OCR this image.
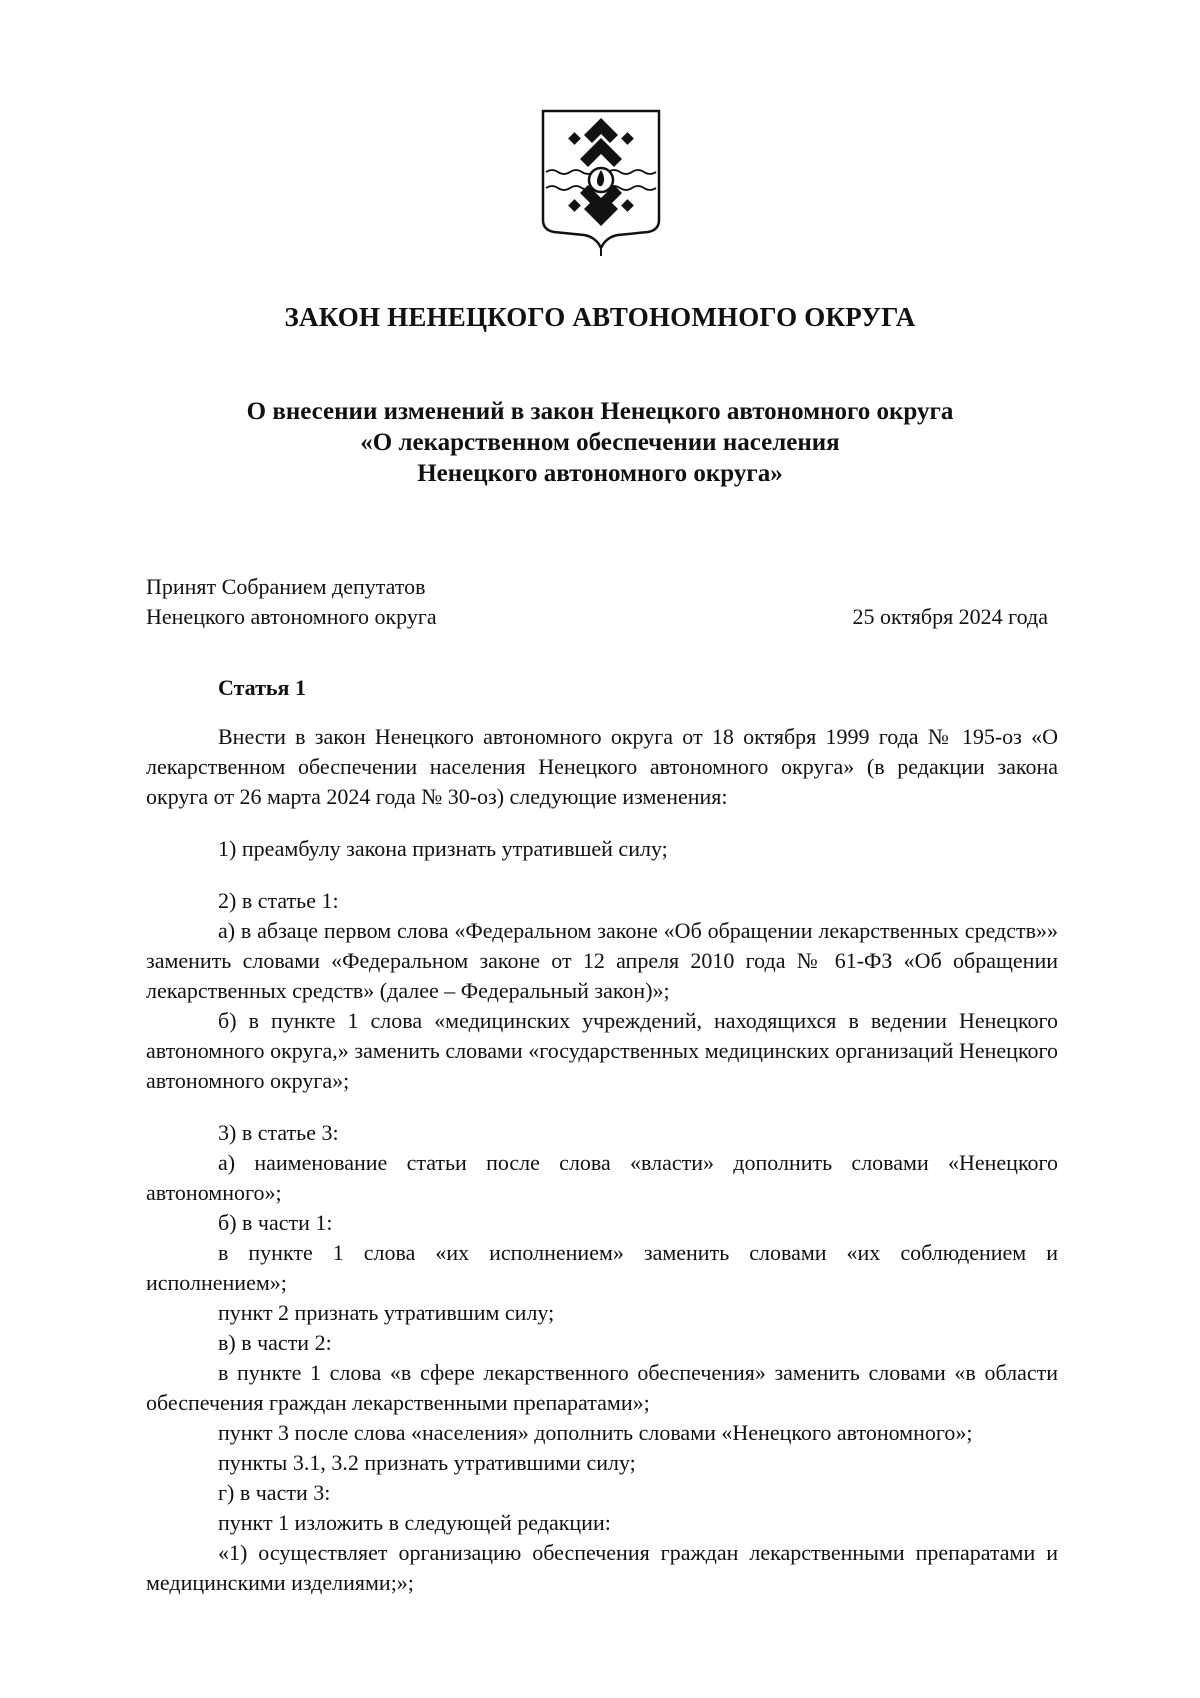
ЗАКОН НЕНЕЦКОГО АВТОНОМНОГО ОКРУГА
О внесении изменений в закон Ненецкого автономного округа
«О лекарственном обеспечении населения
Ненецкого автономного округа»
Принят Собранием депутатов
Ненецкого автономного округа	25 октября 2024 года
Статья 1

Внести в закон Ненецкого автономного округа от 18 октября 1999 года № 195-оз «О лекарственном обеспечении населения Ненецкого автономного округа» (в редакции закона округа от 26 марта 2024 года № 30-оз) следующие изменения:

1) преамбулу закона признать утратившей силу;

2) в статье 1:

а) в абзаце первом слова «Федеральном законе «Об обращении лекарственных средств»» заменить словами «Федеральном законе от 12 апреля 2010 года № 61-ФЗ «Об обращении лекарственных средств» (далее – Федеральный закон)»;

б) в пункте 1 слова «медицинских учреждений, находящихся в ведении Ненецкого автономного округа,» заменить словами «государственных медицинских организаций Ненецкого автономного округа»;

3) в статье 3:

а) наименование статьи после слова «власти» дополнить словами «Ненецкого автономного»;

б) в части 1:

в пункте 1 слова «их исполнением» заменить словами «их соблюдением и исполнением»;

пункт 2 признать утратившим силу;

в) в части 2:

в пункте 1 слова «в сфере лекарственного обеспечения» заменить словами «в области обеспечения граждан лекарственными препаратами»;

пункт 3 после слова «населения» дополнить словами «Ненецкого автономного»;

пункты 3.1, 3.2 признать утратившими силу;

г) в части 3:

пункт 1 изложить в следующей редакции:

«1) осуществляет организацию обеспечения граждан лекарственными препаратами и медицинскими изделиями;»;
